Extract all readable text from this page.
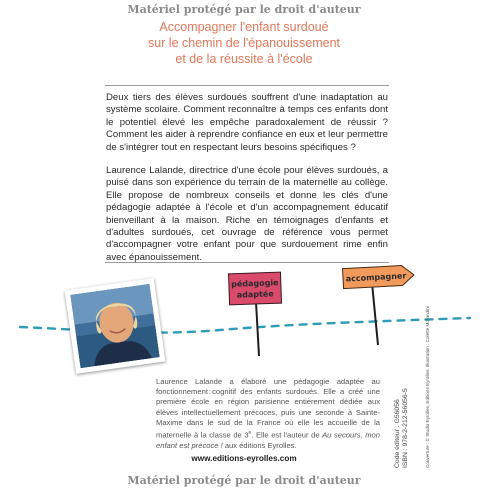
Matériel protégé par le droit d'auteur
Accompagner l'enfant surdoué
sur le chemin de l'épanouissement
et de la réussite à l'école

Deux tiers des élèves surdoués souffrent d'une inadaptation au système scolaire. Comment reconnaître à temps ces enfants dont le potentiel élevé les empêche paradoxalement de réussir ? Comment les aider à reprendre confiance en eux et leur permettre de s'intégrer tout en respectant leurs besoins spécifiques ?

Laurence Lalande, directrice d'une école pour élèves surdoués, a puisé dans son expérience du terrain de la maternelle au collège. Elle propose de nombreux conseils et donne les clés d'une pédagogie adaptée à l'école et d'un accompagnement éducatif bienveillant à la maison. Riche en témoignages d'enfants et d'adultes surdoués, cet ouvrage de référence vous permet d'accompagner votre enfant pour que surdouement rime enfin avec épanouissement.

pédagogie
adaptée
accompagner
Laurence Lalande a élaboré une pédagogie adaptée au fonctionnement cognitif des enfants surdoués. Elle a créé une première école en région parisienne entièrement dédiée aux élèves intellectuellement précoces, puis une seconde à Sainte-Maxime dans le sud de la France où elle les accueille de la maternelle à la classe de 3e. Elle est l'auteur de Au secours, mon enfant est précoce ! aux éditions Eyrolles.
www.editions-eyrolles.com
Matériel protégé par le droit d'auteur
Code éditeur : G56056 ISBN : 978-2-212-56056-5	Couverture : © Studio Eyrolles, Éditions Eyrolles. Illustration : Colette Morandini
